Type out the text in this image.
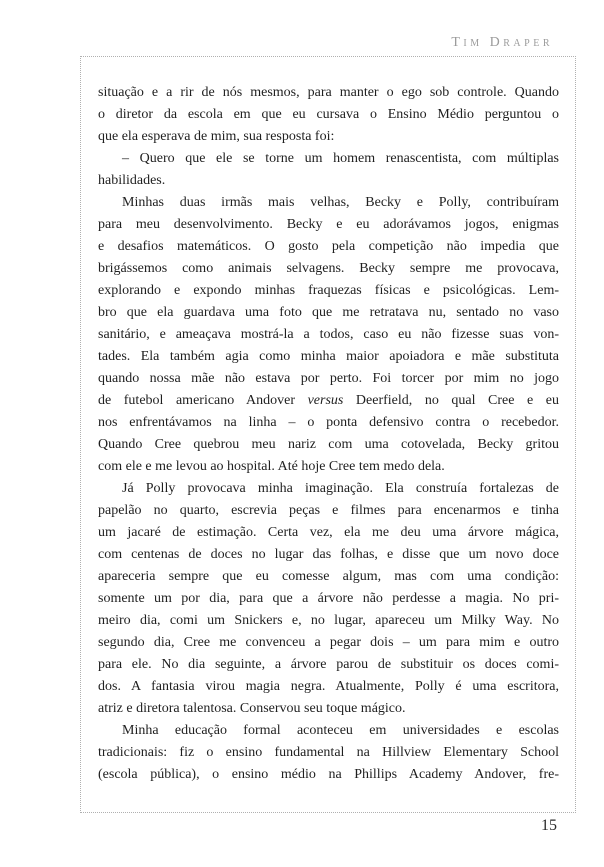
Tim Draper
situação e a rir de nós mesmos, para manter o ego sob controle. Quando
o diretor da escola em que eu cursava o Ensino Médio perguntou o
que ela esperava de mim, sua resposta foi:
– Quero que ele se torne um homem renascentista, com múltiplas
habilidades.
Minhas duas irmãs mais velhas, Becky e Polly, contribuíram
para meu desenvolvimento. Becky e eu adorávamos jogos, enigmas
e desafios matemáticos. O gosto pela competição não impedia que
brigássemos como animais selvagens. Becky sempre me provocava,
explorando e expondo minhas fraquezas físicas e psicológicas. Lem-
bro que ela guardava uma foto que me retratava nu, sentado no vaso
sanitário, e ameaçava mostrá-la a todos, caso eu não fizesse suas von-
tades. Ela também agia como minha maior apoiadora e mãe substituta
quando nossa mãe não estava por perto. Foi torcer por mim no jogo
de futebol americano Andover versus Deerfield, no qual Cree e eu
nos enfrentávamos na linha – o ponta defensivo contra o recebedor.
Quando Cree quebrou meu nariz com uma cotovelada, Becky gritou
com ele e me levou ao hospital. Até hoje Cree tem medo dela.
Já Polly provocava minha imaginação. Ela construía fortalezas de
papelão no quarto, escrevia peças e filmes para encenarmos e tinha
um jacaré de estimação. Certa vez, ela me deu uma árvore mágica,
com centenas de doces no lugar das folhas, e disse que um novo doce
apareceria sempre que eu comesse algum, mas com uma condição:
somente um por dia, para que a árvore não perdesse a magia. No pri-
meiro dia, comi um Snickers e, no lugar, apareceu um Milky Way. No
segundo dia, Cree me convenceu a pegar dois – um para mim e outro
para ele. No dia seguinte, a árvore parou de substituir os doces comi-
dos. A fantasia virou magia negra. Atualmente, Polly é uma escritora,
atriz e diretora talentosa. Conservou seu toque mágico.
Minha educação formal aconteceu em universidades e escolas
tradicionais: fiz o ensino fundamental na Hillview Elementary School
(escola pública), o ensino médio na Phillips Academy Andover, fre-
15
